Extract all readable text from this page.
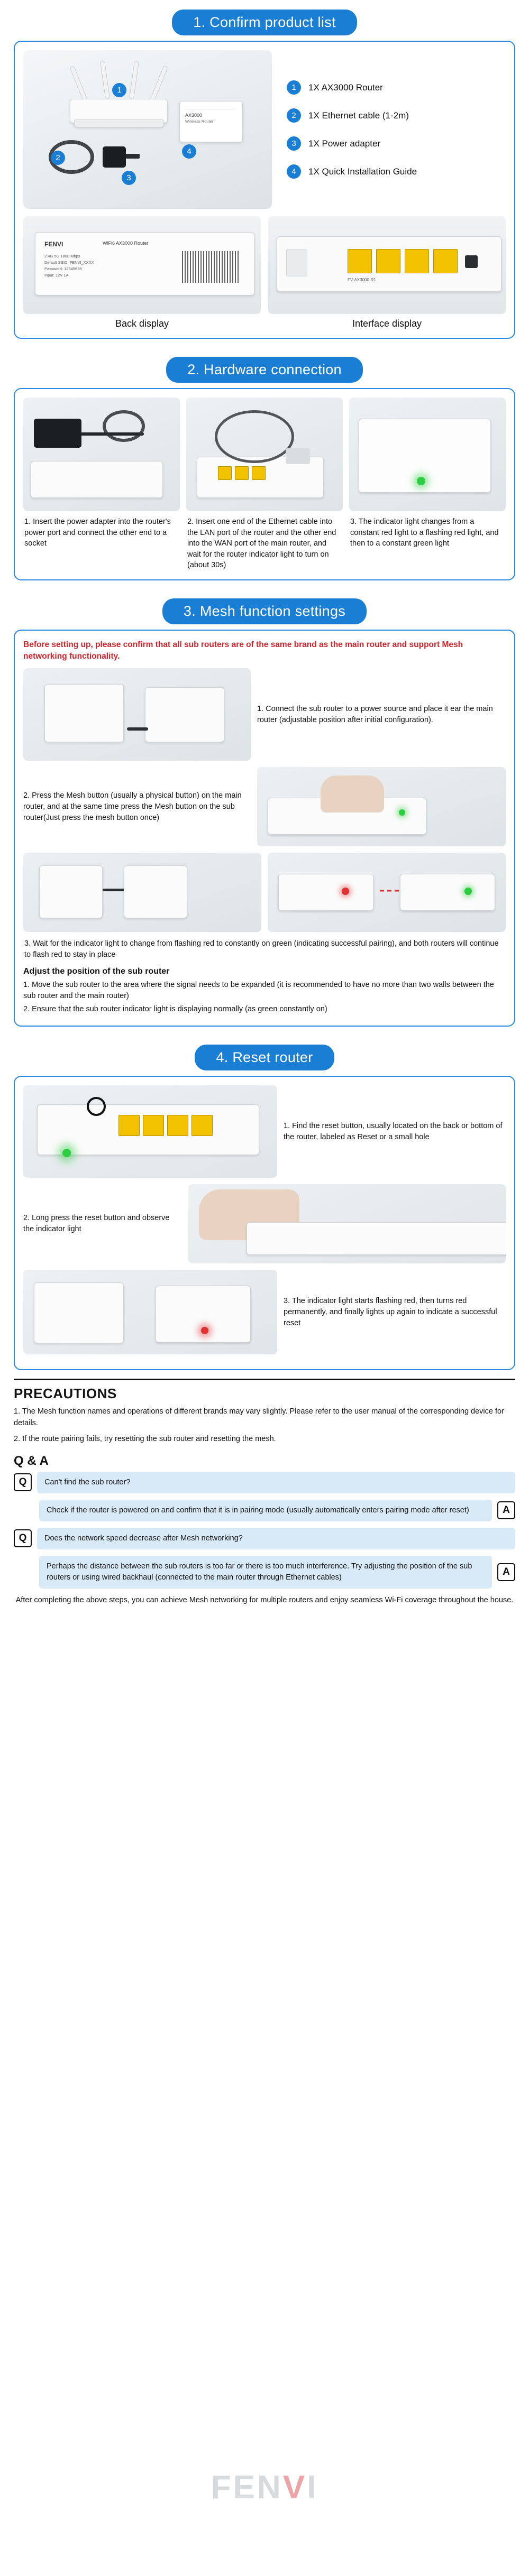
1. Confirm product list
AX3000
Wireless Router
1
2
3
4
1	1X AX3000 Router
2	1X Ethernet cable (1-2m)
3	1X Power adapter
4	1X Quick Installation Guide
FENVI	WiFi6 AX3000 Router
2.4G 5G 1800 Mbps
Default SSID: FENVI_XXXX
Password: 12345678
Input: 12V 1A
Back display
FV-AX3000-R1
Interface display
2. Hardware connection
1. Insert the power adapter into the router's power port and connect the other end to a socket
2. Insert one end of the Ethernet cable into the LAN port of the router and the other end into the WAN port of the main router, and wait for the router indicator light to turn on (about 30s)
3. The indicator light changes from a constant red light to a flashing red light, and then to a constant green light
3. Mesh function settings
Before setting up, please confirm that all sub routers are of the same brand as the main router and support Mesh networking functionality.
1. Connect the sub router to a power source and place it ear the main router (adjustable position after initial configuration).
2. Press the Mesh button (usually a physical button) on the main router, and at the same time press the Mesh button on the sub router(Just press the mesh button once)
3. Wait for the indicator light to change from flashing red to constantly on green (indicating successful pairing), and both routers will continue to flash red to stay in place
Adjust the position of the sub router
1. Move the sub router to the area where the signal needs to be expanded (it is recommended to have no more than two walls between the sub router and the main router)
2. Ensure that the sub router indicator light is displaying normally (as green constantly on)
4. Reset router
1. Find the reset button, usually located on the back or bottom of the router, labeled as Reset or a small hole
2. Long press the reset button and observe the indicator light
3. The indicator light starts flashing red, then turns red permanently, and finally lights up again to indicate a successful reset
PRECAUTIONS
1. The Mesh function names and operations of different brands may vary slightly. Please refer to the user manual of the corresponding device for details.
2. If the route pairing fails, try resetting the sub router and resetting the mesh.
Q & A
Q	Can't find the sub router?
Check if the router is powered on and confirm that it is in pairing mode (usually automatically enters pairing mode after reset)	A
Q	Does the network speed decrease after Mesh networking?
Perhaps the distance between the sub routers is too far or there is too much interference. Try adjusting the position of the sub routers or using wired backhaul (connected to the main router through Ethernet cables)	A
After completing the above steps, you can achieve Mesh networking for multiple routers and enjoy seamless Wi-Fi coverage throughout the house.
FENVI
